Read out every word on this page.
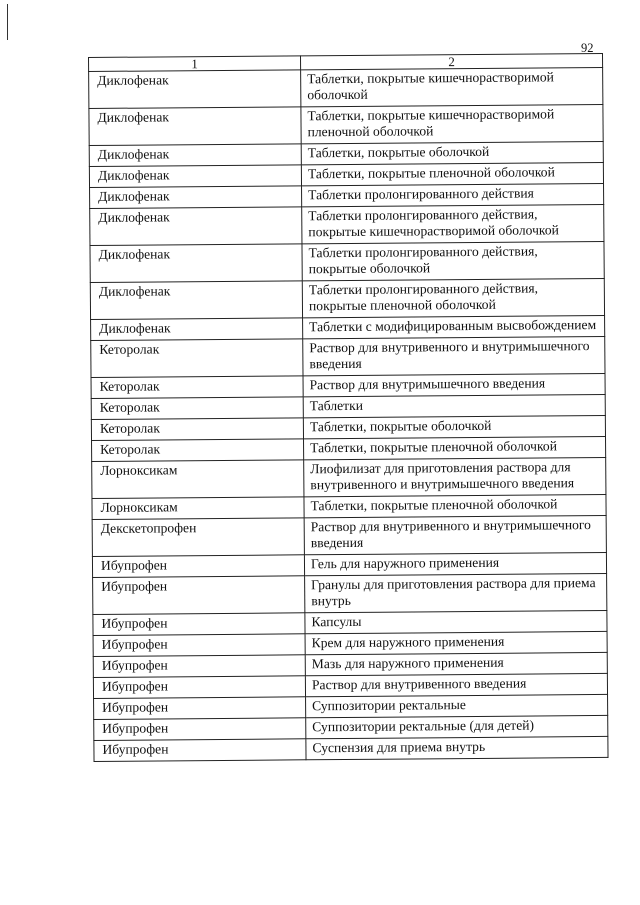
92
1	2
Диклофенак	Таблетки, покрытые кишечнорастворимой оболочкой
Диклофенак	Таблетки, покрытые кишечнорастворимой пленочной оболочкой
Диклофенак	Таблетки, покрытые оболочкой
Диклофенак	Таблетки, покрытые пленочной оболочкой
Диклофенак	Таблетки пролонгированного действия
Диклофенак	Таблетки пролонгированного действия, покрытые кишечнорастворимой оболочкой
Диклофенак	Таблетки пролонгированного действия, покрытые оболочкой
Диклофенак	Таблетки пролонгированного действия, покрытые пленочной оболочкой
Диклофенак	Таблетки с модифицированным высвобождением
Кеторолак	Раствор для внутривенного и внутримышечного введения
Кеторолак	Раствор для внутримышечного введения
Кеторолак	Таблетки
Кеторолак	Таблетки, покрытые оболочкой
Кеторолак	Таблетки, покрытые пленочной оболочкой
Лорноксикам	Лиофилизат для приготовления раствора для внутривенного и внутримышечного введения
Лорноксикам	Таблетки, покрытые пленочной оболочкой
Декскетопрофен	Раствор для внутривенного и внутримышечного введения
Ибупрофен	Гель для наружного применения
Ибупрофен	Гранулы для приготовления раствора для приема внутрь
Ибупрофен	Капсулы
Ибупрофен	Крем для наружного применения
Ибупрофен	Мазь для наружного применения
Ибупрофен	Раствор для внутривенного введения
Ибупрофен	Суппозитории ректальные
Ибупрофен	Суппозитории ректальные (для детей)
Ибупрофен	Суспензия для приема внутрь
